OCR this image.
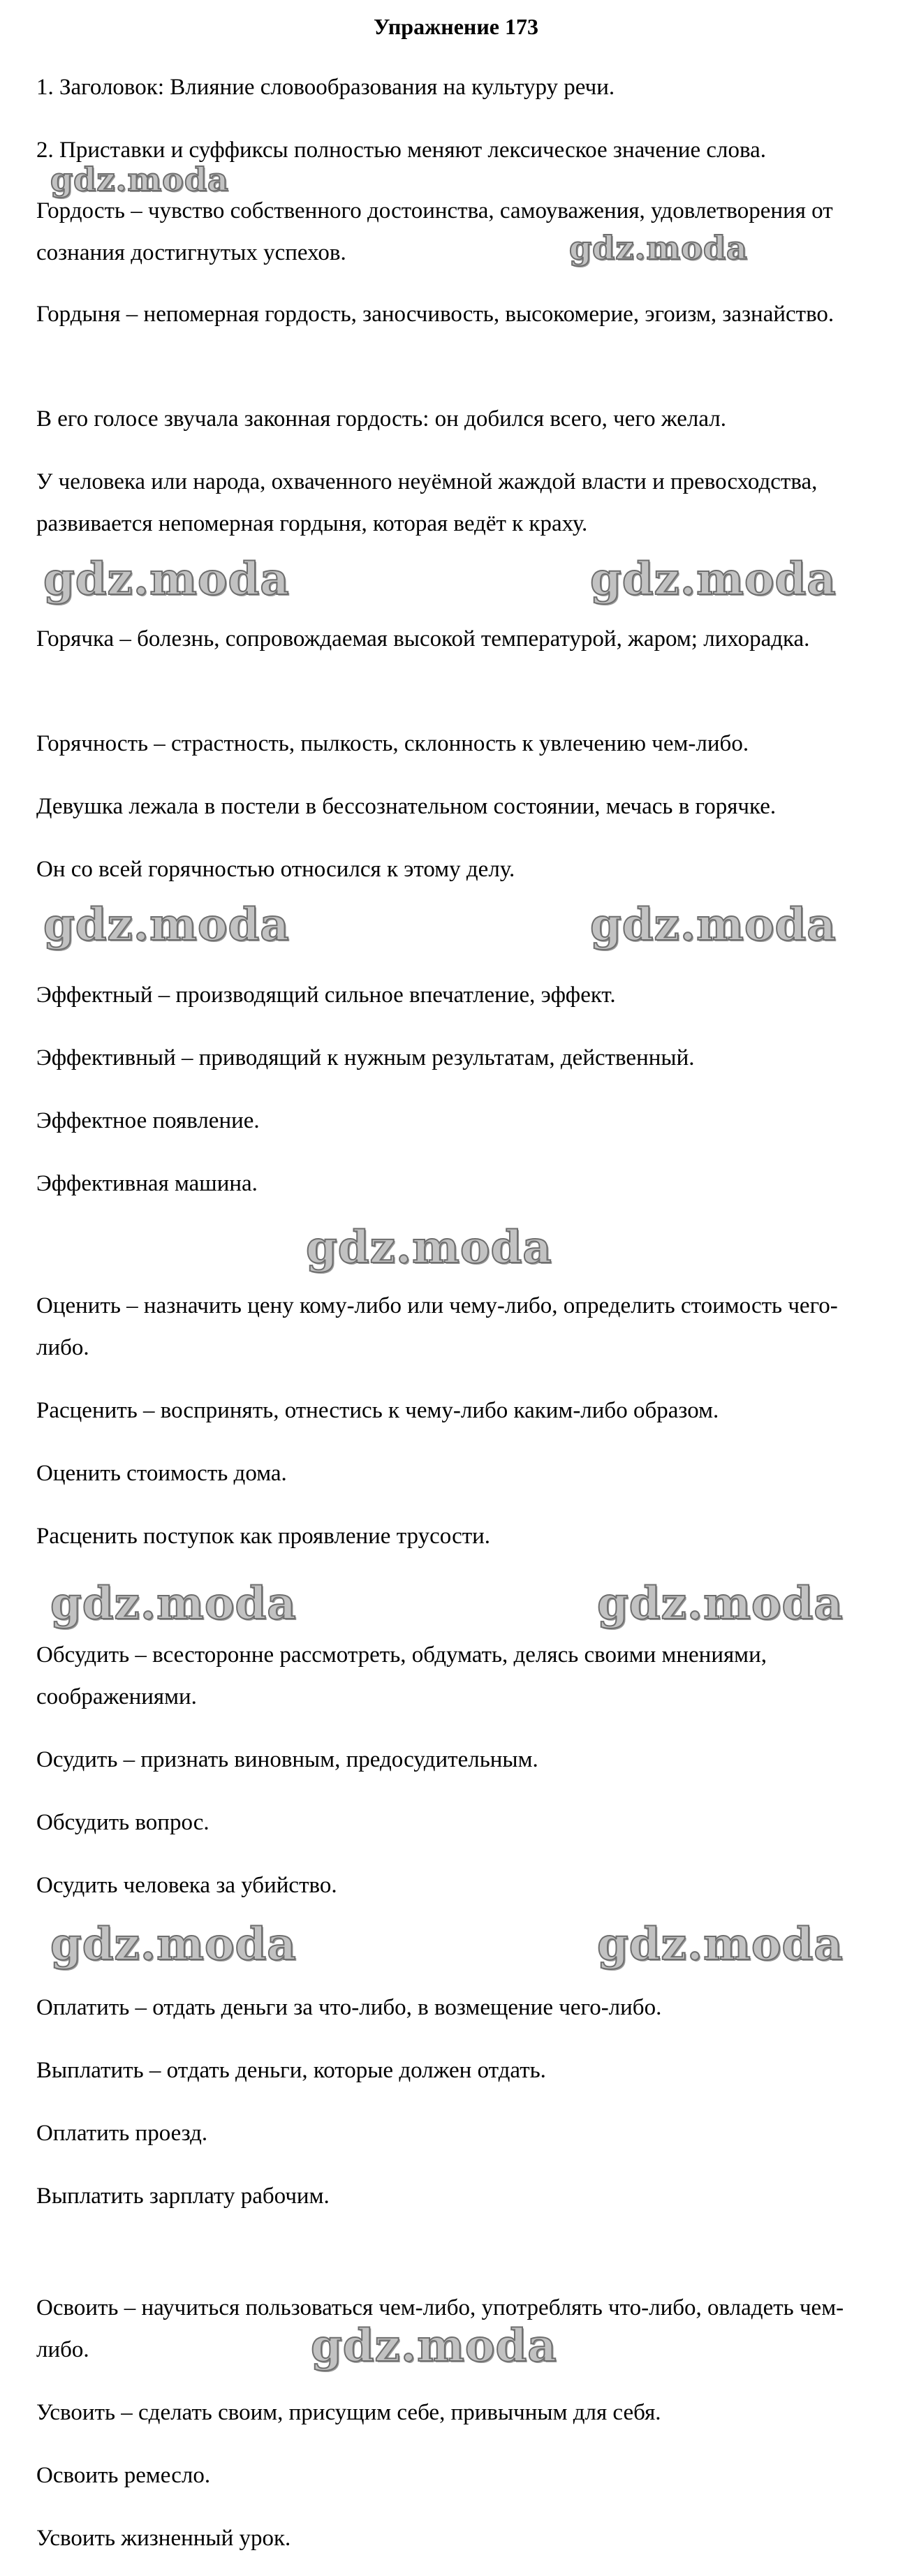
Упражнение 173
1. Заголовок: Влияние словообразования на культуру речи.
2. Приставки и суффиксы полностью меняют лексическое значение слова.
Гордость – чувство собственного достоинства, самоуважения, удовлетворения от сознания достигнутых успехов.
Гордыня – непомерная гордость, заносчивость, высокомерие, эгоизм, зазнайство.
В его голосе звучала законная гордость: он добился всего, чего желал.
У человека или народа, охваченного неуёмной жаждой власти и превосходства, развивается непомерная гордыня, которая ведёт к краху.
Горячка – болезнь, сопровождаемая высокой температурой, жаром; лихорадка.
Горячность – страстность, пылкость, склонность к увлечению чем-либо.
Девушка лежала в постели в бессознательном состоянии, мечась в горячке.
Он со всей горячностью относился к этому делу.
Эффектный – производящий сильное впечатление, эффект.
Эффективный – приводящий к нужным результатам, действенный.
Эффектное появление.
Эффективная машина.
Оценить – назначить цену кому-либо или чему-либо, определить стоимость чего-либо.
Расценить – воспринять, отнестись к чему-либо каким-либо образом.
Оценить стоимость дома.
Расценить поступок как проявление трусости.
Обсудить – всесторонне рассмотреть, обдумать, делясь своими мнениями, соображениями.
Осудить – признать виновным, предосудительным.
Обсудить вопрос.
Осудить человека за убийство.
Оплатить – отдать деньги за что-либо, в возмещение чего-либо.
Выплатить – отдать деньги, которые должен отдать.
Оплатить проезд.
Выплатить зарплату рабочим.
Освоить – научиться пользоваться чем-либо, употреблять что-либо, овладеть чем-либо.
Усвоить – сделать своим, присущим себе, привычным для себя.
Освоить ремесло.
Усвоить жизненный урок.
gdz.moda
gdz.moda
gdz.moda	gdz.moda
gdz.moda	gdz.moda
gdz.moda
gdz.moda	gdz.moda
gdz.moda	gdz.moda
gdz.moda
